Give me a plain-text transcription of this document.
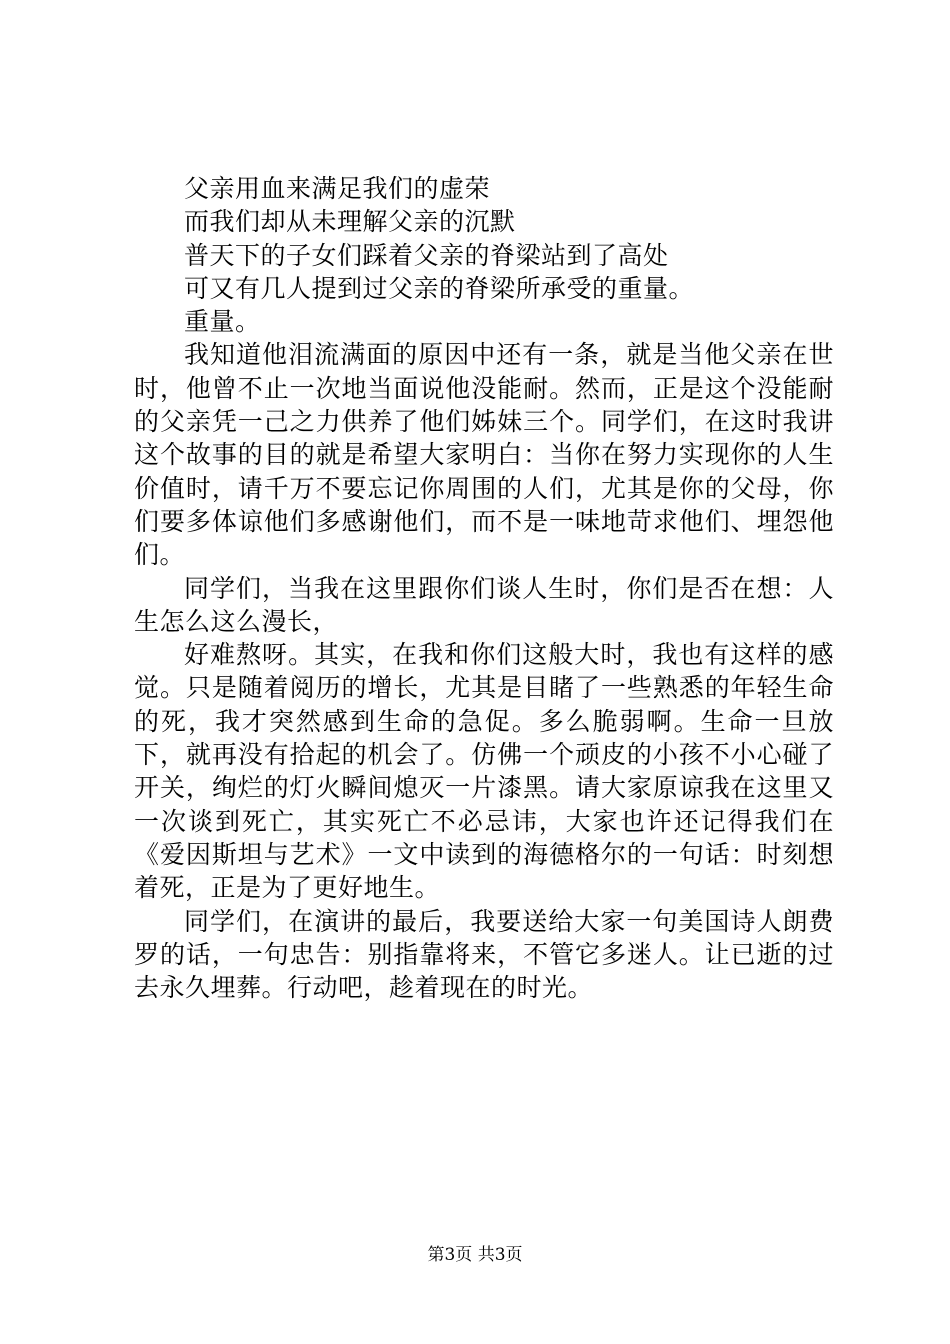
父亲用血来满足我们的虚荣

而我们却从未理解父亲的沉默

普天下的子女们踩着父亲的脊梁站到了高处

可又有几人提到过父亲的脊梁所承受的重量。

重量。

我知道他泪流满面的原因中还有一条，就是当他父亲在世时，他曾不止一次地当面说他没能耐。然而，正是这个没能耐的父亲凭一己之力供养了他们姊妹三个。同学们，在这时我讲这个故事的目的就是希望大家明白：当你在努力实现你的人生价值时，请千万不要忘记你周围的人们，尤其是你的父母，你们要多体谅他们多感谢他们，而不是一味地苛求他们、埋怨他们。

同学们，当我在这里跟你们谈人生时，你们是否在想：人生怎么这么漫长，

好难熬呀。其实，在我和你们这般大时，我也有这样的感觉。只是随着阅历的增长，尤其是目睹了一些熟悉的年轻生命的死，我才突然感到生命的急促。多么脆弱啊。生命一旦放下，就再没有拾起的机会了。仿佛一个顽皮的小孩不小心碰了开关，绚烂的灯火瞬间熄灭一片漆黑。请大家原谅我在这里又一次谈到死亡，其实死亡不必忌讳，大家也许还记得我们在《爱因斯坦与艺术》一文中读到的海德格尔的一句话：时刻想着死，正是为了更好地生。

同学们，在演讲的最后，我要送给大家一句美国诗人朗费罗的话，一句忠告：别指靠将来，不管它多迷人。让已逝的过去永久埋葬。行动吧，趁着现在的时光。

第3页 共3页
